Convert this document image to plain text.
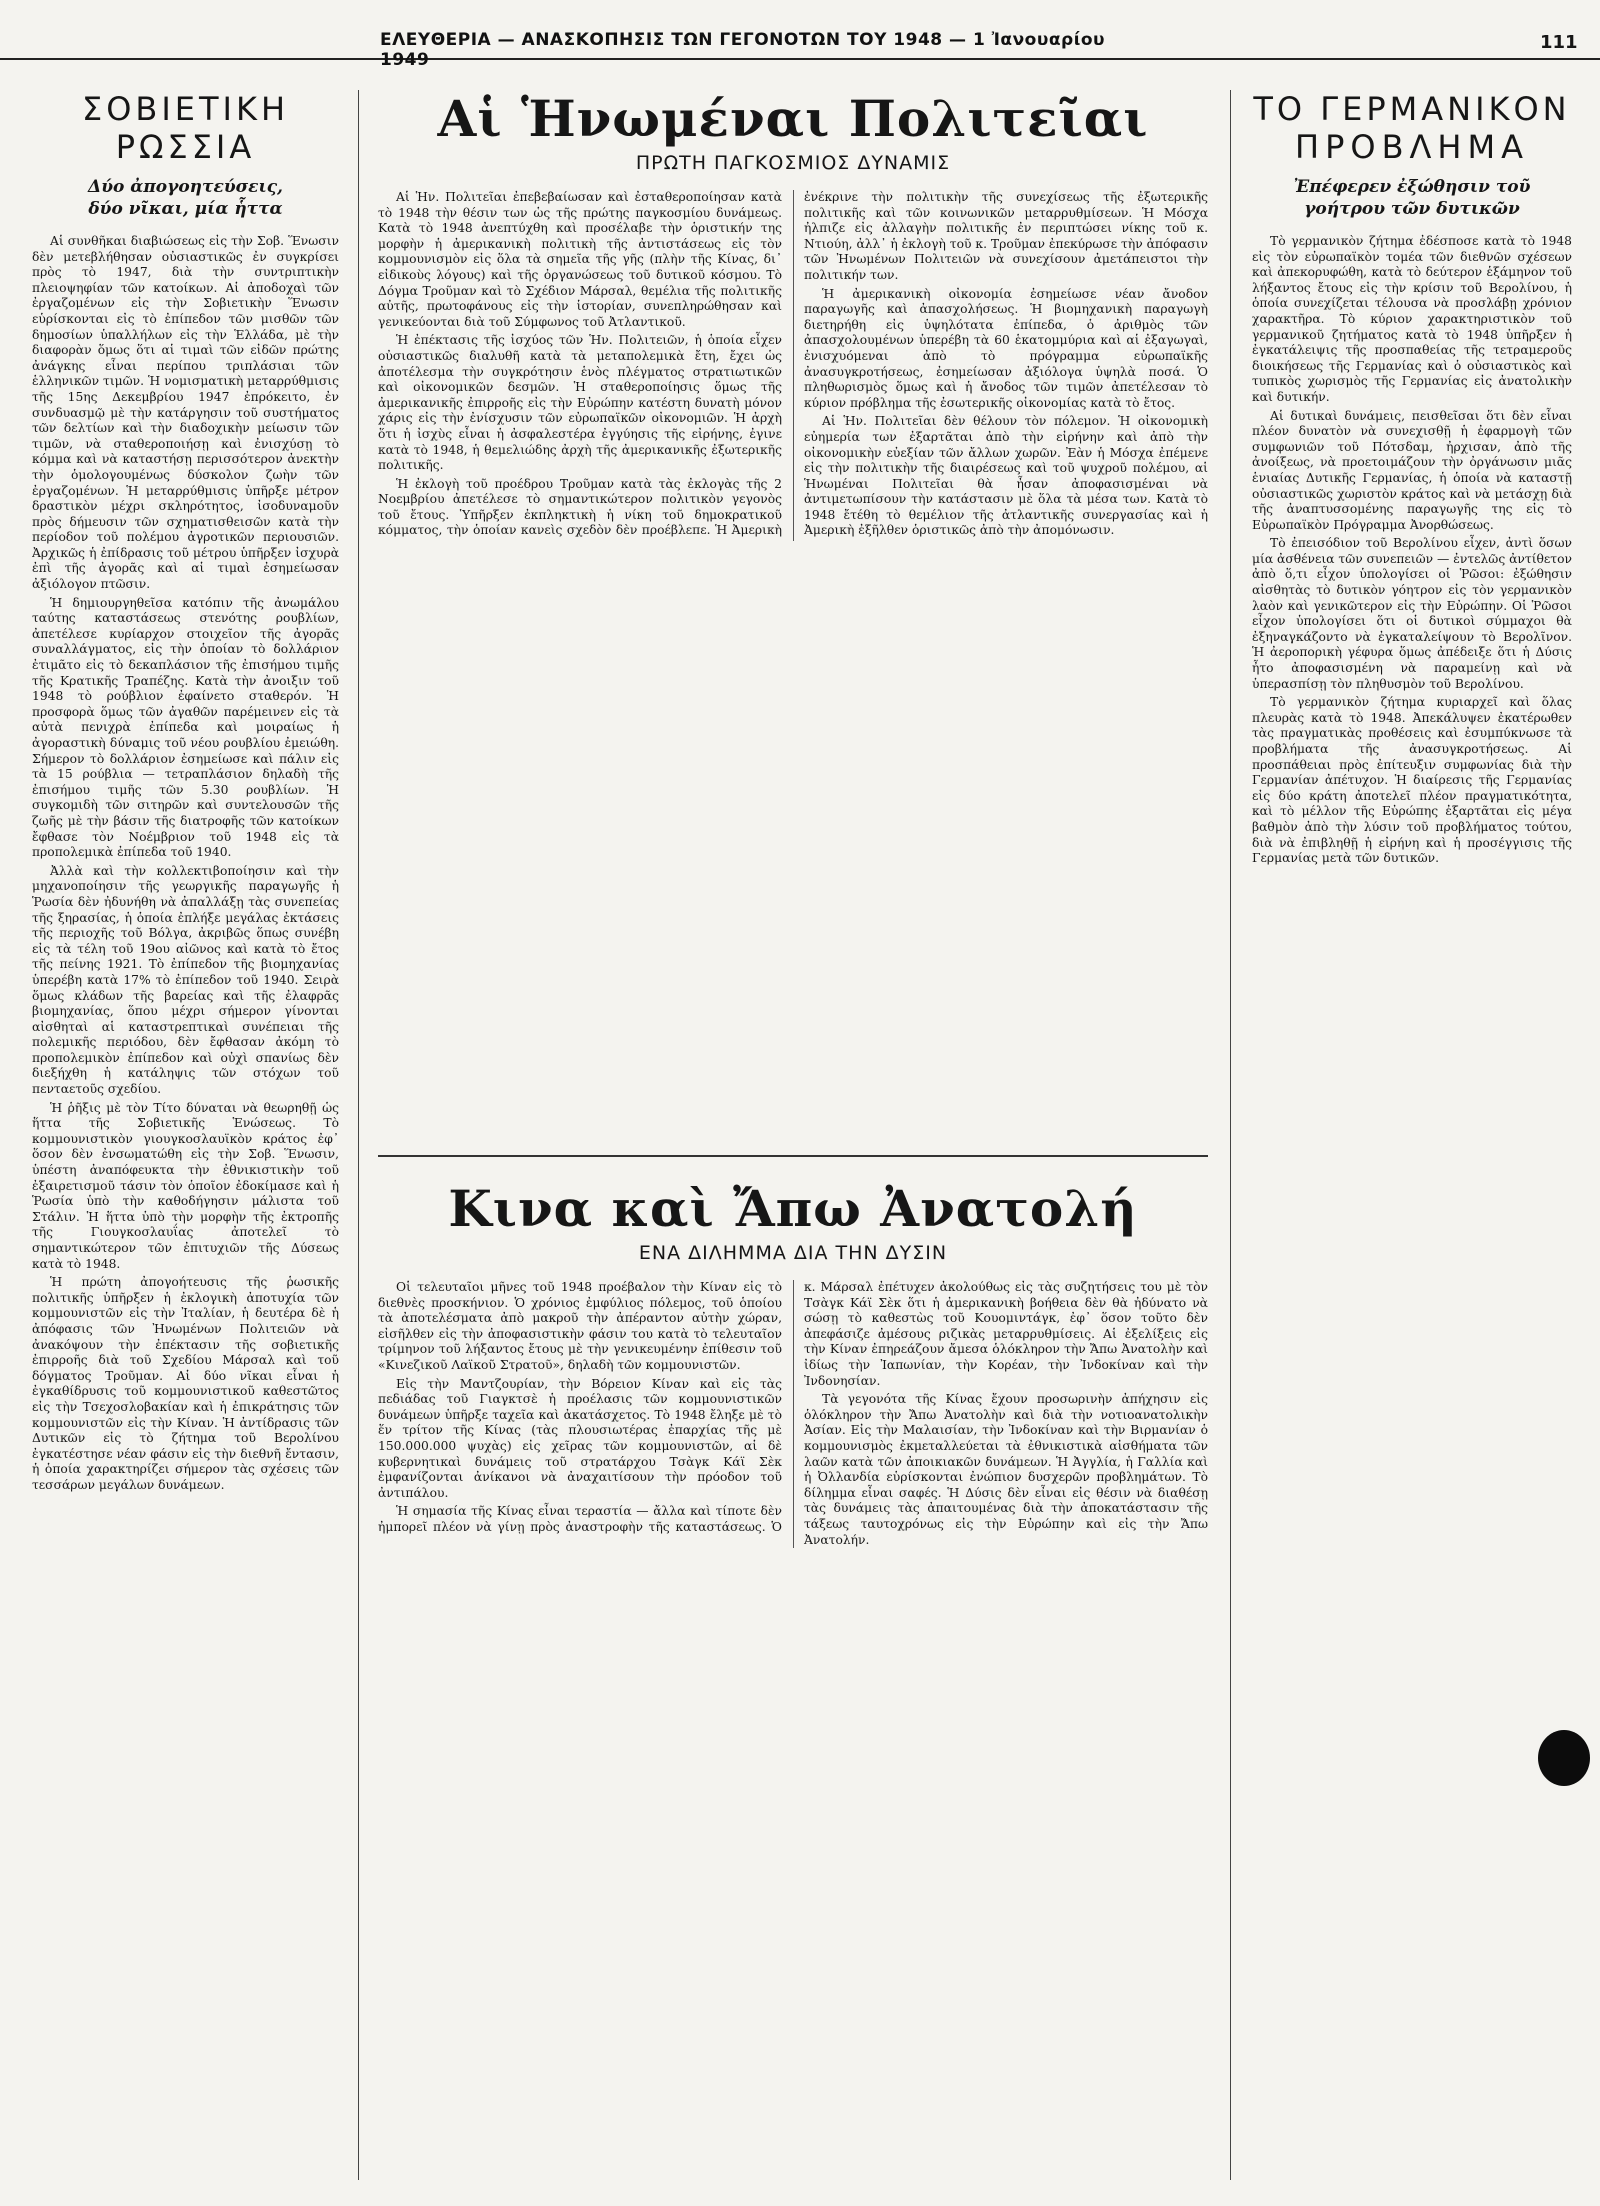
ΕΛΕΥΘΕΡΙΑ — ΑΝΑΣΚΟΠΗΣΙΣ ΤΩΝ ΓΕΓΟΝΟΤΩΝ ΤΟΥ 1948 — 1 Ἰανουαρίου 1949
111
ΣΟΒΙΕΤΙΚΗ
ΡΩΣΣΙΑ
Δύο ἀπογοητεύσεις,
δύο νῖκαι, μία ἧττα

Αἱ συνθῆκαι διαβιώσεως εἰς τὴν Σοβ. Ἕνωσιν δὲν μετεβλήθησαν οὐσιαστικῶς ἐν συγκρίσει πρὸς τὸ 1947, διὰ τὴν συντριπτικὴν πλειοψηφίαν τῶν κατοίκων. Αἱ ἀποδοχαὶ τῶν ἐργαζομένων εἰς τὴν Σοβιετικὴν Ἕνωσιν εὑρίσκονται εἰς τὸ ἐπίπεδον τῶν μισθῶν τῶν δημοσίων ὑπαλλήλων εἰς τὴν Ἑλλάδα, μὲ τὴν διαφορὰν ὅμως ὅτι αἱ τιμαὶ τῶν εἰδῶν πρώτης ἀνάγκης εἶναι περίπου τριπλάσιαι τῶν ἑλληνικῶν τιμῶν. Ἡ νομισματικὴ μεταρρύθμισις τῆς 15ης Δεκεμβρίου 1947 ἐπρόκειτο, ἐν συνδυασμῷ μὲ τὴν κατάργησιν τοῦ συστήματος τῶν δελτίων καὶ τὴν διαδοχικὴν μείωσιν τῶν τιμῶν, νὰ σταθεροποιήσῃ καὶ ἐνισχύσῃ τὸ κόμμα καὶ νὰ καταστήσῃ περισσότερον ἀνεκτὴν τὴν ὁμολογουμένως δύσκολον ζωὴν τῶν ἐργαζομένων. Ἡ μεταρρύθμισις ὑπῆρξε μέτρον δραστικὸν μέχρι σκληρότητος, ἰσοδυναμοῦν πρὸς δήμευσιν τῶν σχηματισθεισῶν κατὰ τὴν περίοδον τοῦ πολέμου ἀγροτικῶν περιουσιῶν. Ἀρχικῶς ἡ ἐπίδρασις τοῦ μέτρου ὑπῆρξεν ἰσχυρὰ ἐπὶ τῆς ἀγορᾶς καὶ αἱ τιμαὶ ἐσημείωσαν ἀξιόλογον πτῶσιν.

Ἡ δημιουργηθεῖσα κατόπιν τῆς ἀνωμάλου ταύτης καταστάσεως στενότης ρουβλίων, ἀπετέλεσε κυρίαρχον στοιχεῖον τῆς ἀγορᾶς συναλλάγματος, εἰς τὴν ὁποίαν τὸ δολλάριον ἐτιμᾶτο εἰς τὸ δεκαπλάσιον τῆς ἐπισήμου τιμῆς τῆς Κρατικῆς Τραπέζης. Κατὰ τὴν ἀνοιξιν τοῦ 1948 τὸ ρούβλιον ἐφαίνετο σταθερόν. Ἡ προσφορὰ ὅμως τῶν ἀγαθῶν παρέμεινεν εἰς τὰ αὐτὰ πενιχρὰ ἐπίπεδα καὶ μοιραίως ἡ ἀγοραστικὴ δύναμις τοῦ νέου ρουβλίου ἐμειώθη. Σήμερον τὸ δολλάριον ἐσημείωσε καὶ πάλιν εἰς τὰ 15 ρούβλια — τετραπλάσιον δηλαδὴ τῆς ἐπισήμου τιμῆς τῶν 5.30 ρουβλίων. Ἡ συγκομιδὴ τῶν σιτηρῶν καὶ συντελουσῶν τῆς ζωῆς μὲ τὴν βάσιν τῆς διατροφῆς τῶν κατοίκων ἔφθασε τὸν Νοέμβριον τοῦ 1948 εἰς τὰ προπολεμικὰ ἐπίπεδα τοῦ 1940.

Ἀλλὰ καὶ τὴν κολλεκτιβοποίησιν καὶ τὴν μηχανοποίησιν τῆς γεωργικῆς παραγωγῆς ἡ Ῥωσία δὲν ἠδυνήθη νὰ ἀπαλλάξῃ τὰς συνεπείας τῆς ξηρασίας, ἡ ὁποία ἐπλήξε μεγάλας ἐκτάσεις τῆς περιοχῆς τοῦ Βόλγα, ἀκριβῶς ὅπως συνέβη εἰς τὰ τέλη τοῦ 19ου αἰῶνος καὶ κατὰ τὸ ἔτος τῆς πείνης 1921. Τὸ ἐπίπεδον τῆς βιομηχανίας ὑπερέβη κατὰ 17% τὸ ἐπίπεδον τοῦ 1940. Σειρὰ ὅμως κλάδων τῆς βαρείας καὶ τῆς ἐλαφρᾶς βιομηχανίας, ὅπου μέχρι σήμερον γίνονται αἰσθηταὶ αἱ καταστρεπτικαὶ συνέπειαι τῆς πολεμικῆς περιόδου, δὲν ἔφθασαν ἀκόμη τὸ προπολεμικὸν ἐπίπεδον καὶ οὐχὶ σπανίως δὲν διεξήχθη ἡ κατάληψις τῶν στόχων τοῦ πενταετοῦς σχεδίου.

Ἡ ῥῆξις μὲ τὸν Τίτο δύναται νὰ θεωρηθῇ ὡς ἥττα τῆς Σοβιετικῆς Ἑνώσεως. Τὸ κομμουνιστικὸν γιουγκοσλαυϊκὸν κράτος ἐφ᾽ ὅσον δὲν ἐνσωματώθη εἰς τὴν Σοβ. Ἕνωσιν, ὑπέστη ἀναπόφευκτα τὴν ἐθνικιστικὴν τοῦ ἐξαιρετισμοῦ τάσιν τὸν ὁποῖον ἐδοκίμασε καὶ ἡ Ῥωσία ὑπὸ τὴν καθοδήγησιν μάλιστα τοῦ Στάλιν. Ἡ ἥττα ὑπὸ τὴν μορφὴν τῆς ἐκτροπῆς τῆς Γιουγκοσλαυΐας ἀποτελεῖ τὸ σημαντικώτερον τῶν ἐπιτυχιῶν τῆς Δύσεως κατὰ τὸ 1948.

Ἡ πρώτη ἀπογοήτευσις τῆς ῥωσικῆς πολιτικῆς ὑπῆρξεν ἡ ἐκλογικὴ ἀποτυχία τῶν κομμουνιστῶν εἰς τὴν Ἰταλίαν, ἡ δευτέρα δὲ ἡ ἀπόφασις τῶν Ἠνωμένων Πολιτειῶν νὰ ἀνακόψουν τὴν ἐπέκτασιν τῆς σοβιετικῆς ἐπιρροῆς διὰ τοῦ Σχεδίου Μάρσαλ καὶ τοῦ δόγματος Τροῦμαν. Αἱ δύο νῖκαι εἶναι ἡ ἐγκαθίδρυσις τοῦ κομμουνιστικοῦ καθεστῶτος εἰς τὴν Τσεχοσλοβακίαν καὶ ἡ ἐπικράτησις τῶν κομμουνιστῶν εἰς τὴν Κίναν. Ἡ ἀντίδρασις τῶν Δυτικῶν εἰς τὸ ζήτημα τοῦ Βερολίνου ἐγκατέστησε νέαν φάσιν εἰς τὴν διεθνῆ ἔντασιν, ἡ ὁποία χαρακτηρίζει σήμερον τὰς σχέσεις τῶν τεσσάρων μεγάλων δυνάμεων.

Αἱ Ἡνωμέναι Πολιτεῖαι
ΠΡΩΤΗ ΠΑΓΚΟΣΜΙΟΣ ΔΥΝΑΜΙΣ

Αἱ Ἡν. Πολιτεῖαι ἐπεβεβαίωσαν καὶ ἐσταθεροποίησαν κατὰ τὸ 1948 τὴν θέσιν των ὡς τῆς πρώτης παγκοσμίου δυνάμεως. Κατὰ τὸ 1948 ἀνεπτύχθη καὶ προσέλαβε τὴν ὁριστικήν της μορφὴν ἡ ἀμερικανικὴ πολιτικὴ τῆς ἀντιστάσεως εἰς τὸν κομμουνισμὸν εἰς ὅλα τὰ σημεῖα τῆς γῆς (πλὴν τῆς Κίνας, δι᾽ εἰδικοὺς λόγους) καὶ τῆς ὀργανώσεως τοῦ δυτικοῦ κόσμου. Τὸ Δόγμα Τροῦμαν καὶ τὸ Σχέδιον Μάρσαλ, θεμέλια τῆς πολιτικῆς αὐτῆς, πρωτοφάνους εἰς τὴν ἱστορίαν, συνεπληρώθησαν καὶ γενικεύονται διὰ τοῦ Σύμφωνος τοῦ Ἀτλαντικοῦ.

Ἡ ἐπέκτασις τῆς ἰσχύος τῶν Ἡν. Πολιτειῶν, ἡ ὁποία εἶχεν οὐσιαστικῶς διαλυθῆ κατὰ τὰ μεταπολεμικὰ ἔτη, ἔχει ὡς ἀποτέλεσμα τὴν συγκρότησιν ἑνὸς πλέγματος στρατιωτικῶν καὶ οἰκονομικῶν δεσμῶν. Ἡ σταθεροποίησις ὅμως τῆς ἀμερικανικῆς ἐπιρροῆς εἰς τὴν Εὐρώπην κατέστη δυνατὴ μόνον χάρις εἰς τὴν ἐνίσχυσιν τῶν εὐρωπαϊκῶν οἰκονομιῶν. Ἡ ἀρχὴ ὅτι ἡ ἰσχὺς εἶναι ἡ ἀσφαλεστέρα ἐγγύησις τῆς εἰρήνης, ἐγινε κατὰ τὸ 1948, ἡ θεμελιώδης ἀρχὴ τῆς ἀμερικανικῆς ἐξωτερικῆς πολιτικῆς.

Ἡ ἐκλογὴ τοῦ προέδρου Τροῦμαν κατὰ τὰς ἐκλογὰς τῆς 2 Νοεμβρίου ἀπετέλεσε τὸ σημαντικώτερον πολιτικὸν γεγονὸς τοῦ ἔτους. Ὑπῆρξεν ἐκπληκτικὴ ἡ νίκη τοῦ δημοκρατικοῦ κόμματος, τὴν ὁποίαν κανεὶς σχεδὸν δὲν προέβλεπε. Ἡ Ἀμερικὴ ἐνέκρινε τὴν πολιτικὴν τῆς συνεχίσεως τῆς ἐξωτερικῆς πολιτικῆς καὶ τῶν κοινωνικῶν μεταρρυθμίσεων. Ἡ Μόσχα ἠλπιζε εἰς ἀλλαγὴν πολιτικῆς ἐν περιπτώσει νίκης τοῦ κ. Ντιούη, ἀλλ᾽ ἡ ἐκλογὴ τοῦ κ. Τροῦμαν ἐπεκύρωσε τὴν ἀπόφασιν τῶν Ἠνωμένων Πολιτειῶν νὰ συνεχίσουν ἀμετάπειστοι τὴν πολιτικήν των.

Ἡ ἀμερικανικὴ οἰκονομία ἐσημείωσε νέαν ἄνοδον παραγωγῆς καὶ ἀπασχολήσεως. Ἡ βιομηχανικὴ παραγωγὴ διετηρήθη εἰς ὑψηλότατα ἐπίπεδα, ὁ ἀριθμὸς τῶν ἀπασχολουμένων ὑπερέβη τὰ 60 ἑκατομμύρια καὶ αἱ ἐξαγωγαὶ, ἐνισχυόμεναι ἀπὸ τὸ πρόγραμμα εὐρωπαϊκῆς ἀνασυγκροτήσεως, ἐσημείωσαν ἀξιόλογα ὑψηλὰ ποσά. Ὁ πληθωρισμὸς ὅμως καὶ ἡ ἄνοδος τῶν τιμῶν ἀπετέλεσαν τὸ κύριον πρόβλημα τῆς ἐσωτερικῆς οἰκονομίας κατὰ τὸ ἔτος.

Αἱ Ἡν. Πολιτεῖαι δὲν θέλουν τὸν πόλεμον. Ἡ οἰκονομικὴ εὐημερία των ἐξαρτᾶται ἀπὸ τὴν εἰρήνην καὶ ἀπὸ τὴν οἰκονομικὴν εὐεξίαν τῶν ἄλλων χωρῶν. Ἐὰν ἡ Μόσχα ἐπέμενε εἰς τὴν πολιτικὴν τῆς διαιρέσεως καὶ τοῦ ψυχροῦ πολέμου, αἱ Ἡνωμέναι Πολιτεῖαι θὰ ἦσαν ἀποφασισμέναι νὰ ἀντιμετωπίσουν τὴν κατάστασιν μὲ ὅλα τὰ μέσα των. Κατὰ τὸ 1948 ἔτέθη τὸ θεμέλιον τῆς ἀτλαντικῆς συνεργασίας καὶ ἡ Ἀμερικὴ ἐξῆλθεν ὁριστικῶς ἀπὸ τὴν ἀπομόνωσιν.

Κινα καὶ Ἄπω Ἀνατολή
ΕΝΑ ΔΙΛΗΜΜΑ ΔΙΑ ΤΗΝ ΔΥΣΙΝ

Οἱ τελευταῖοι μῆνες τοῦ 1948 προέβαλον τὴν Κίναν εἰς τὸ διεθνὲς προσκήνιον. Ὁ χρόνιος ἐμφύλιος πόλεμος, τοῦ ὁποίου τὰ ἀποτελέσματα ἀπὸ μακροῦ τὴν ἀπέραντον αὐτὴν χώραν, εἰσῆλθεν εἰς τὴν ἀποφασιστικὴν φάσιν του κατὰ τὸ τελευταῖον τρίμηνον τοῦ λήξαντος ἔτους μὲ τὴν γενικευμένην ἐπίθεσιν τοῦ «Κινεζικοῦ Λαϊκοῦ Στρατοῦ», δηλαδὴ τῶν κομμουνιστῶν.

Εἰς τὴν Μαντζουρίαν, τὴν Βόρειον Κίναν καὶ εἰς τὰς πεδιάδας τοῦ Γιαγκτσὲ ἡ προέλασις τῶν κομμουνιστικῶν δυνάμεων ὑπῆρξε ταχεῖα καὶ ἀκατάσχετος. Τὸ 1948 ἔληξε μὲ τὸ ἕν τρίτον τῆς Κίνας (τὰς πλουσιωτέρας ἐπαρχίας τῆς μὲ 150.000.000 ψυχὰς) εἰς χεῖρας τῶν κομμουνιστῶν, αἱ δὲ κυβερνητικαὶ δυνάμεις τοῦ στρατάρχου Τσὰγκ Κάϊ Σὲκ ἐμφανίζονται ἀνίκανοι νὰ ἀναχαιτίσουν τὴν πρόοδον τοῦ ἀντιπάλου.

Ἡ σημασία τῆς Κίνας εἶναι τεραστία — ἄλλα καὶ τίποτε δὲν ἠμπορεῖ πλέον νὰ γίνῃ πρὸς ἀναστροφὴν τῆς καταστάσεως. Ὁ κ. Μάρσαλ ἐπέτυχεν ἀκολούθως εἰς τὰς συζητήσεις του μὲ τὸν Τσὰγκ Κάϊ Σὲκ ὅτι ἡ ἀμερικανικὴ βοήθεια δὲν θὰ ἠδύνατο νὰ σώσῃ τὸ καθεστὼς τοῦ Κουομιντάγκ, ἐφ᾽ ὅσον τοῦτο δὲν ἀπεφάσιζε ἀμέσους ριζικὰς μεταρρυθμίσεις. Αἱ ἐξελίξεις εἰς τὴν Κίναν ἐπηρεάζουν ἄμεσα ὁλόκληρον τὴν Ἄπω Ἀνατολὴν καὶ ἰδίως τὴν Ἰαπωνίαν, τὴν Κορέαν, τὴν Ἰνδοκίναν καὶ τὴν Ἰνδονησίαν.

Τὰ γεγονότα τῆς Κίνας ἔχουν προσωρινὴν ἀπήχησιν εἰς ὁλόκληρον τὴν Ἄπω Ἀνατολὴν καὶ διὰ τὴν νοτιοανατολικὴν Ἀσίαν. Εἰς τὴν Μαλαισίαν, τὴν Ἰνδοκίναν καὶ τὴν Βιρμανίαν ὁ κομμουνισμὸς ἐκμεταλλεύεται τὰ ἐθνικιστικὰ αἰσθήματα τῶν λαῶν κατὰ τῶν ἀποικιακῶν δυνάμεων. Ἡ Ἀγγλία, ἡ Γαλλία καὶ ἡ Ὀλλανδία εὑρίσκονται ἐνώπιον δυσχερῶν προβλημάτων. Τὸ δίλημμα εἶναι σαφές. Ἡ Δύσις δὲν εἶναι εἰς θέσιν νὰ διαθέσῃ τὰς δυνάμεις τὰς ἀπαιτουμένας διὰ τὴν ἀποκατάστασιν τῆς τάξεως ταυτοχρόνως εἰς τὴν Εὐρώπην καὶ εἰς τὴν Ἄπω Ἀνατολήν.

ΤΟ ΓΕΡΜΑΝΙΚΟΝ
ΠΡΟΒΛΗΜΑ
Ἐπέφερεν ἐξώθησιν τοῦ
γοήτρου τῶν δυτικῶν

Τὸ γερμανικὸν ζήτημα ἐδέσποσε κατὰ τὸ 1948 εἰς τὸν εὐρωπαϊκὸν τομέα τῶν διεθνῶν σχέσεων καὶ ἀπεκορυφώθη, κατὰ τὸ δεύτερον ἑξάμηνον τοῦ λήξαντος ἔτους εἰς τὴν κρίσιν τοῦ Βερολίνου, ἡ ὁποία συνεχίζεται τέλουσα νὰ προσλάβῃ χρόνιον χαρακτῆρα. Τὸ κύριον χαρακτηριστικὸν τοῦ γερμανικοῦ ζητήματος κατὰ τὸ 1948 ὑπῆρξεν ἡ ἐγκατάλειψις τῆς προσπαθείας τῆς τετραμεροῦς διοικήσεως τῆς Γερμανίας καὶ ὁ οὐσιαστικὸς καὶ τυπικὸς χωρισμὸς τῆς Γερμανίας εἰς ἀνατολικὴν καὶ δυτικήν.

Αἱ δυτικαὶ δυνάμεις, πεισθεῖσαι ὅτι δὲν εἶναι πλέον δυνατὸν νὰ συνεχισθῇ ἡ ἐφαρμογὴ τῶν συμφωνιῶν τοῦ Πότσδαμ, ἠρχισαν, ἀπὸ τῆς ἀνοίξεως, νὰ προετοιμάζουν τὴν ὀργάνωσιν μιᾶς ἑνιαίας Δυτικῆς Γερμανίας, ἡ ὁποία νὰ καταστῇ οὐσιαστικῶς χωριστὸν κράτος καὶ νὰ μετάσχῃ διὰ τῆς ἀναπτυσσομένης παραγωγῆς της εἰς τὸ Εὐρωπαϊκὸν Πρόγραμμα Ἀνορθώσεως.

Τὸ ἐπεισόδιον τοῦ Βερολίνου εἶχεν, ἀντὶ ὅσων μία ἀσθένεια τῶν συνεπειῶν — ἐντελῶς ἀντίθετον ἀπὸ ὅ,τι εἶχον ὑπολογίσει οἱ Ῥῶσοι: ἐξώθησιν αἰσθητὰς τὸ δυτικὸν γόητρον εἰς τὸν γερμανικὸν λαὸν καὶ γενικῶτερον εἰς τὴν Εὐρώπην. Οἱ Ῥῶσοι εἶχον ὑπολογίσει ὅτι οἱ δυτικοὶ σύμμαχοι θὰ ἐξηναγκάζοντο νὰ ἐγκαταλείψουν τὸ Βερολῖνον. Ἡ ἀεροπορικὴ γέφυρα ὅμως ἀπέδειξε ὅτι ἡ Δύσις ἦτο ἀποφασισμένη νὰ παραμείνῃ καὶ νὰ ὑπερασπίσῃ τὸν πληθυσμὸν τοῦ Βερολίνου.

Τὸ γερμανικὸν ζήτημα κυριαρχεῖ καὶ ὅλας πλευρὰς κατὰ τὸ 1948. Ἀπεκάλυψεν ἐκατέρωθεν τὰς πραγματικὰς προθέσεις καὶ ἐσυμπύκνωσε τὰ προβλήματα τῆς ἀνασυγκροτήσεως. Αἱ προσπάθειαι πρὸς ἐπίτευξιν συμφωνίας διὰ τὴν Γερμανίαν ἀπέτυχον. Ἡ διαίρεσις τῆς Γερμανίας εἰς δύο κράτη ἀποτελεῖ πλέον πραγματικότητα, καὶ τὸ μέλλον τῆς Εὐρώπης ἐξαρτᾶται εἰς μέγα βαθμὸν ἀπὸ τὴν λύσιν τοῦ προβλήματος τούτου, διὰ νὰ ἐπιβληθῇ ἡ εἰρήνη καὶ ἡ προσέγγισις τῆς Γερμανίας μετὰ τῶν δυτικῶν.
